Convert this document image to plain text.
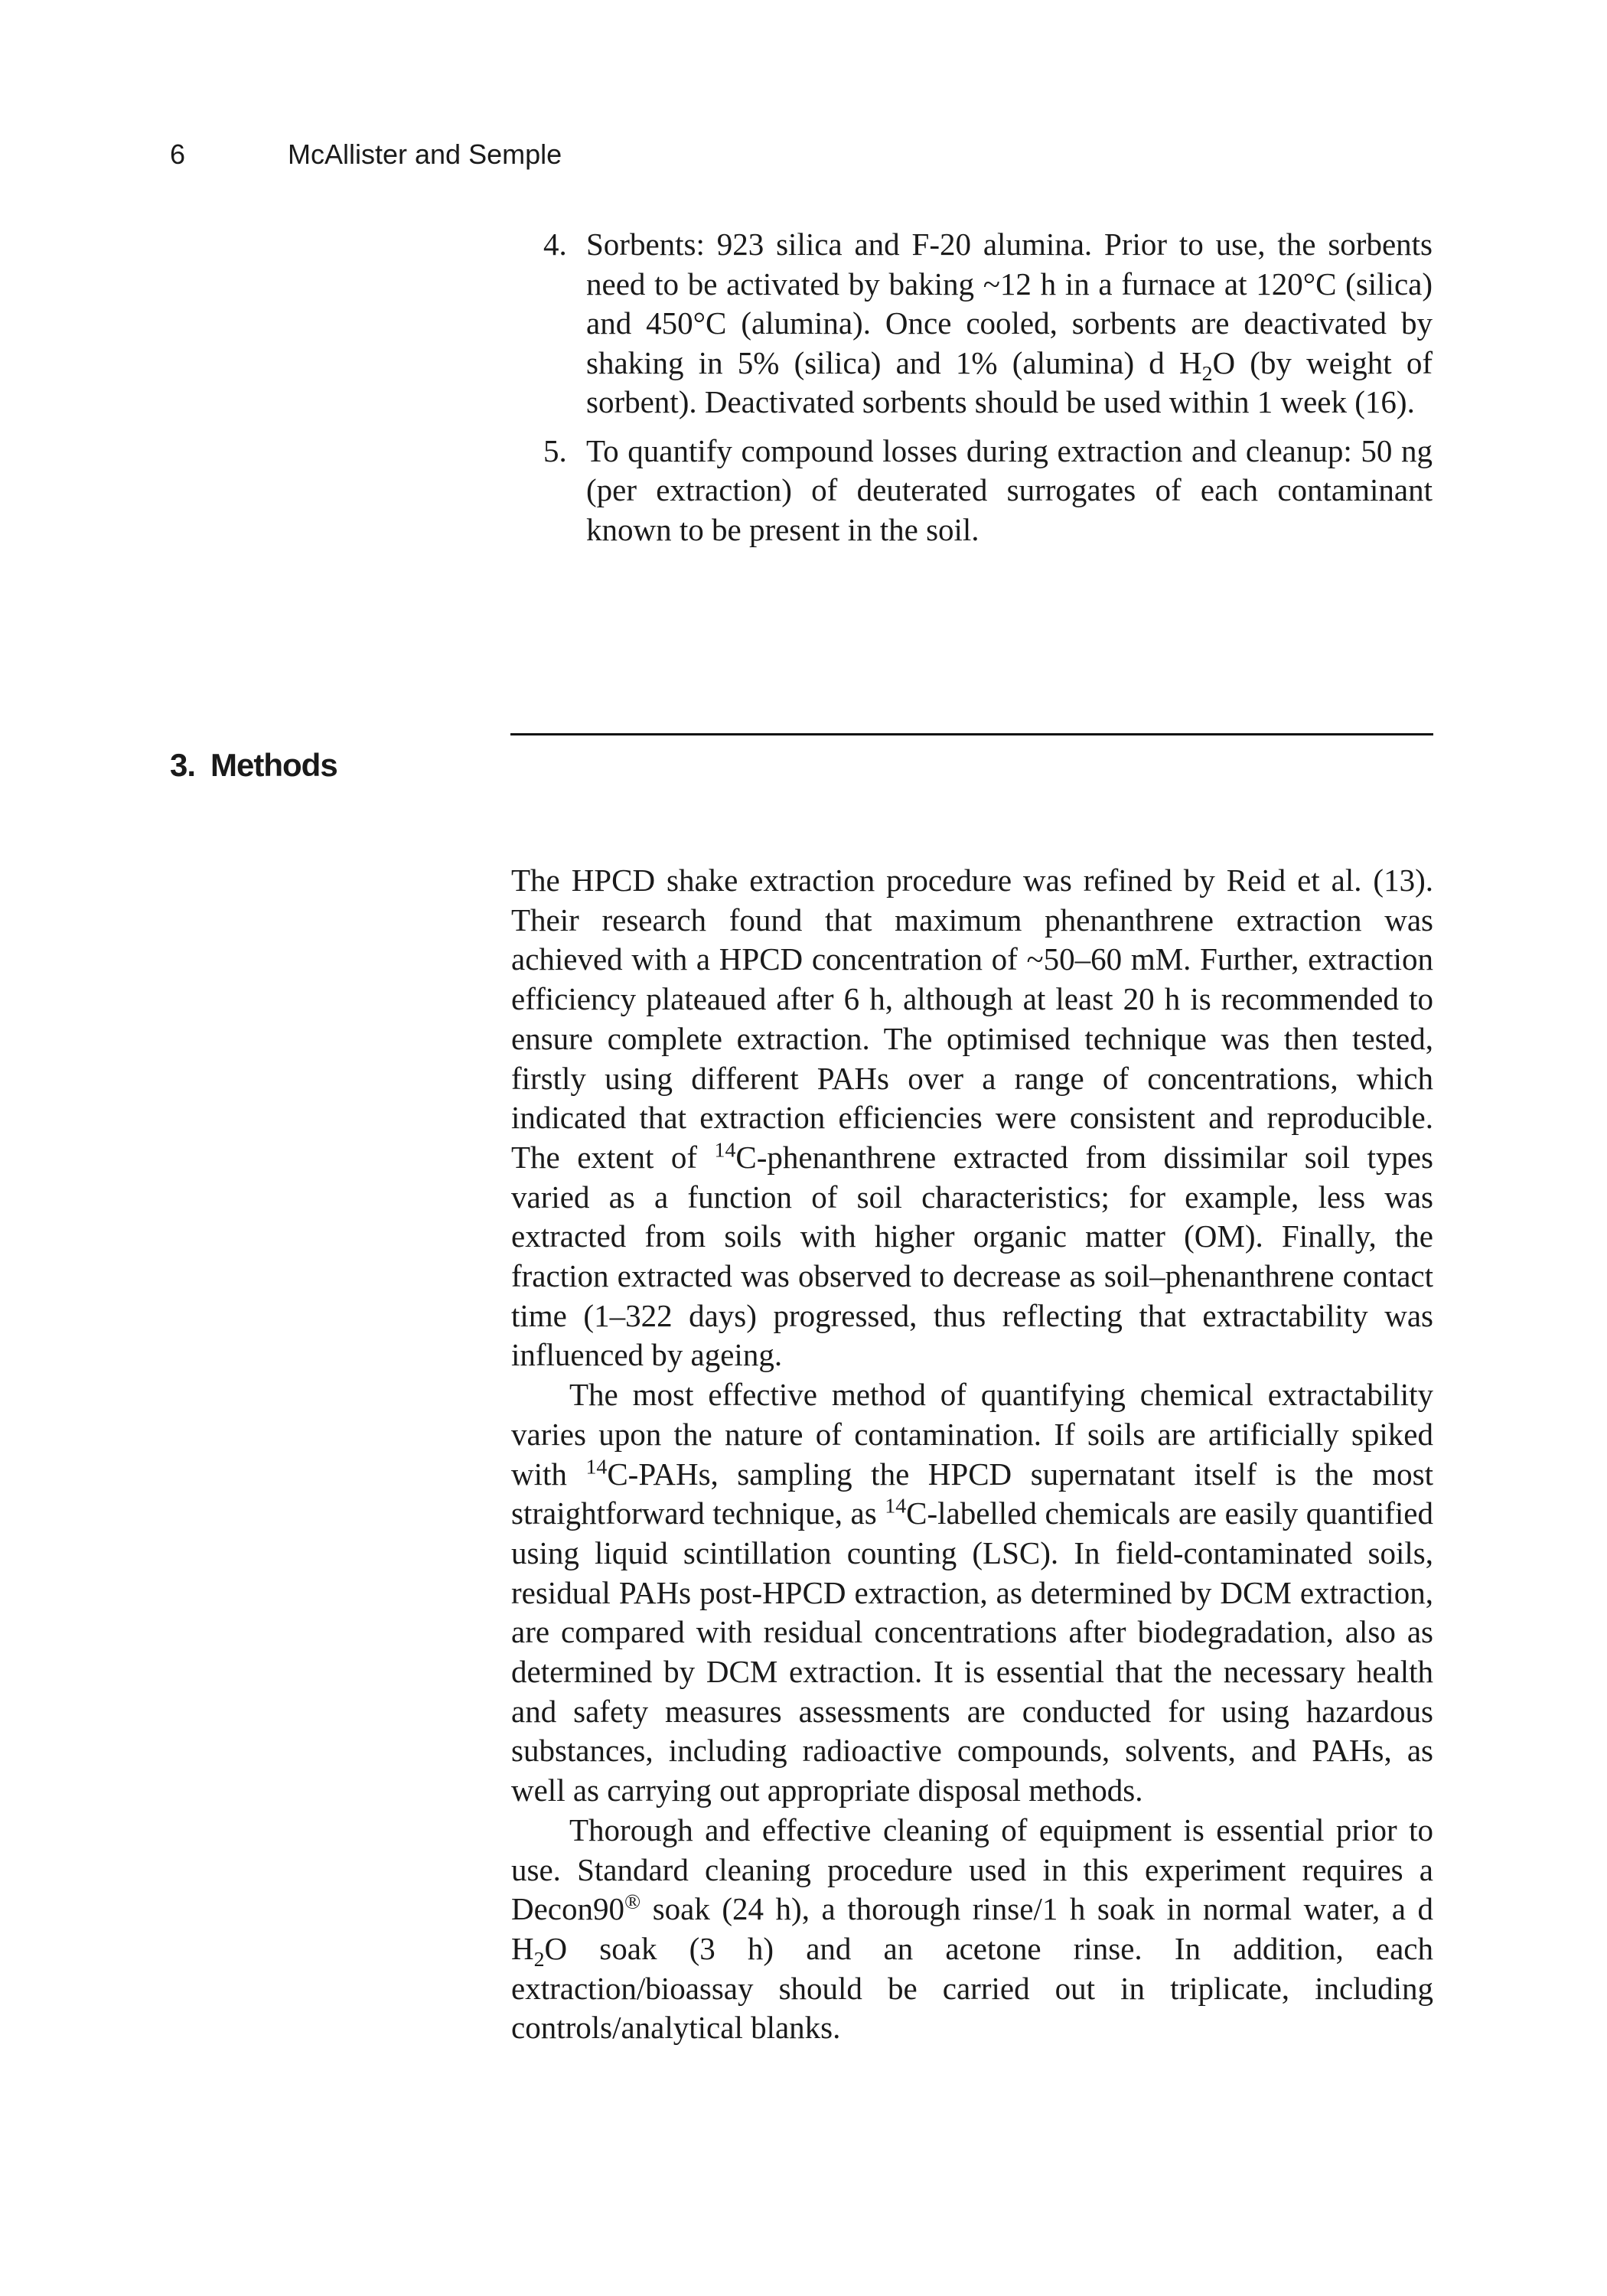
6	McAllister and Semple
4. Sorbents: 923 silica and F-20 alumina. Prior to use, the sorbents need to be activated by baking ~12 h in a furnace at 120°C (silica) and 450°C (alumina). Once cooled, sorbents are deactivated by shaking in 5% (silica) and 1% (alumina) d $H_2O$ (by weight of sorbent). Deactivated sorbents should be used within 1 week (16).
5. To quantify compound losses during extraction and cleanup: 50 ng (per extraction) of deuterated surrogates of each contaminant known to be present in the soil.
3. Methods

The HPCD shake extraction procedure was refined by Reid et al. (13). Their research found that maximum phenanthrene extraction was achieved with a HPCD concentration of ~50–60 mM. Further, extraction efficiency plateaued after 6 h, although at least 20 h is recommended to ensure complete extraction. The optimised technique was then tested, firstly using different PAHs over a range of concentrations, which indicated that extraction efficiencies were consistent and reproducible. The extent of $^{14}$C-phenanthrene extracted from dissimilar soil types varied as a function of soil characteristics; for example, less was extracted from soils with higher organic matter (OM). Finally, the fraction extracted was observed to decrease as soil–phenanthrene contact time (1–322 days) progressed, thus reflecting that extractability was influenced by ageing.

The most effective method of quantifying chemical extractability varies upon the nature of contamination. If soils are artificially spiked with $^{14}$C-PAHs, sampling the HPCD supernatant itself is the most straightforward technique, as $^{14}$C-labelled chemicals are easily quantified using liquid scintillation counting (LSC). In field-contaminated soils, residual PAHs post-HPCD extraction, as determined by DCM extraction, are compared with residual concentrations after biodegradation, also as determined by DCM extraction. It is essential that the necessary health and safety measures assessments are conducted for using hazardous substances, including radioactive compounds, solvents, and PAHs, as well as carrying out appropriate disposal methods.

Thorough and effective cleaning of equipment is essential prior to use. Standard cleaning procedure used in this experiment requires a Decon90® soak (24 h), a thorough rinse/1 h soak in normal water, a d $H_2O$ soak (3 h) and an acetone rinse. In addition, each extraction/bioassay should be carried out in triplicate, including controls/analytical blanks.
